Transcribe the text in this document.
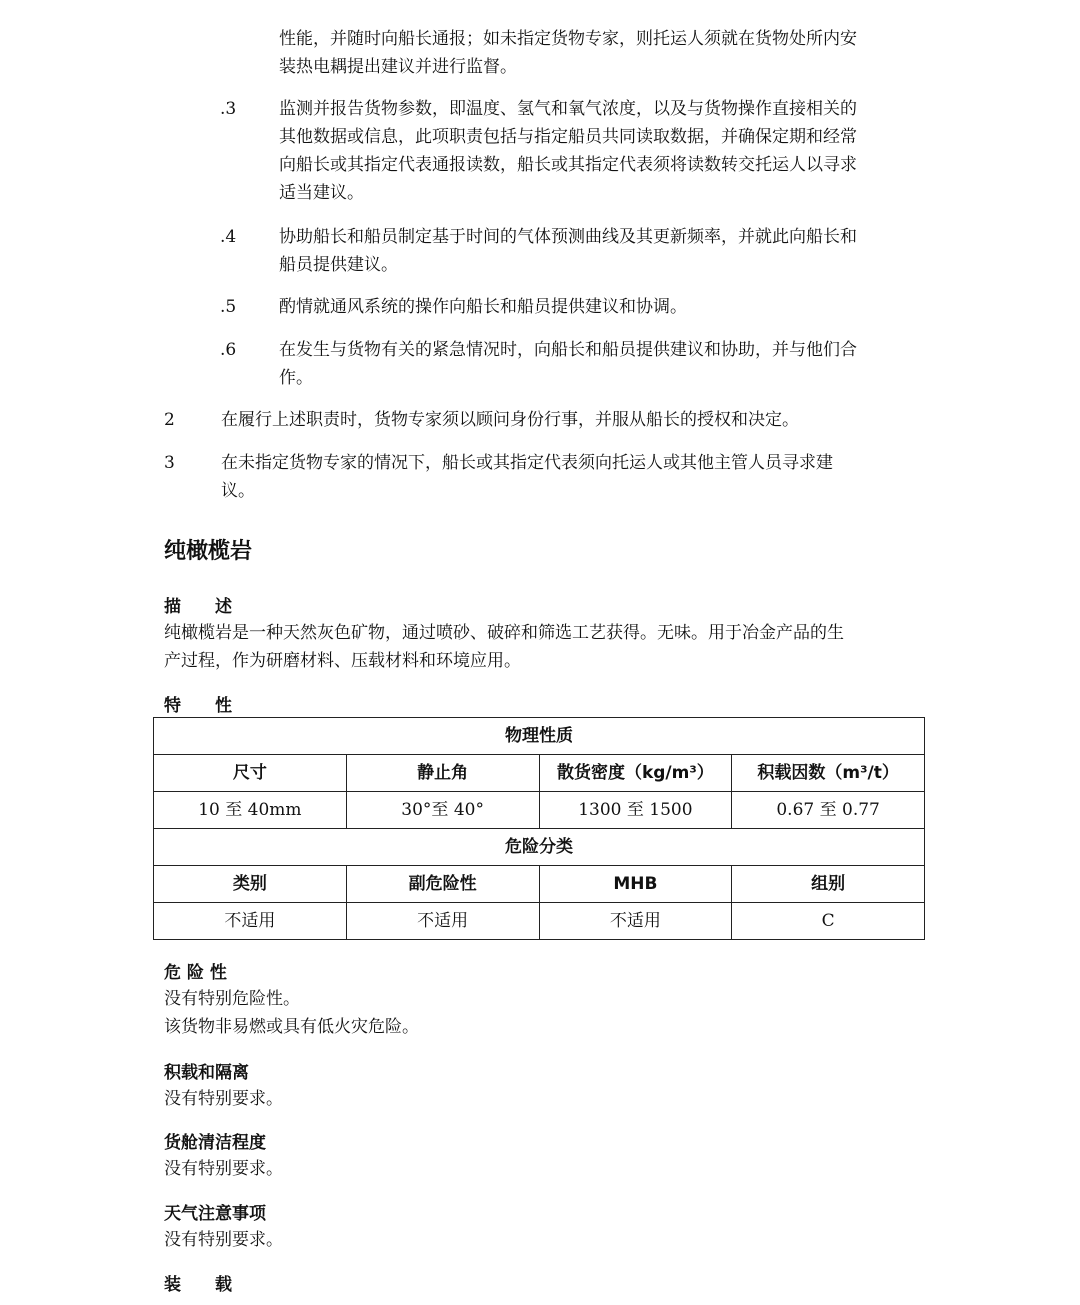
性能，并随时向船长通报；如未指定货物专家，则托运人须就在货物处所内安
装热电耦提出建议并进行监督。
.3	监测并报告货物参数，即温度、氢气和氧气浓度，以及与货物操作直接相关的
其他数据或信息，此项职责包括与指定船员共同读取数据，并确保定期和经常
向船长或其指定代表通报读数，船长或其指定代表须将读数转交托运人以寻求
适当建议。
.4	协助船长和船员制定基于时间的气体预测曲线及其更新频率，并就此向船长和
船员提供建议。
.5	酌情就通风系统的操作向船长和船员提供建议和协调。
.6	在发生与货物有关的紧急情况时，向船长和船员提供建议和协助，并与他们合
作。
2	在履行上述职责时，货物专家须以顾问身份行事，并服从船长的授权和决定。
3	在未指定货物专家的情况下，船长或其指定代表须向托运人或其他主管人员寻求建
议。
纯橄榄岩
描　　述
纯橄榄岩是一种天然灰色矿物，通过喷砂、破碎和筛选工艺获得。无味。用于冶金产品的生
产过程，作为研磨材料、压载材料和环境应用。
特　　性
物理性质			
尺寸	静止角	散货密度（kg/m³）	积载因数（m³/t）
10 至 40mm	30°至 40°	1300 至 1500	0.67 至 0.77
危险分类			
类别	副危险性	MHB	组别
不适用	不适用	不适用	C
危 险 性
没有特别危险性。
该货物非易燃或具有低火灾危险。
积载和隔离
没有特别要求。
货舱清洁程度
没有特别要求。
天气注意事项
没有特别要求。
装　　载
